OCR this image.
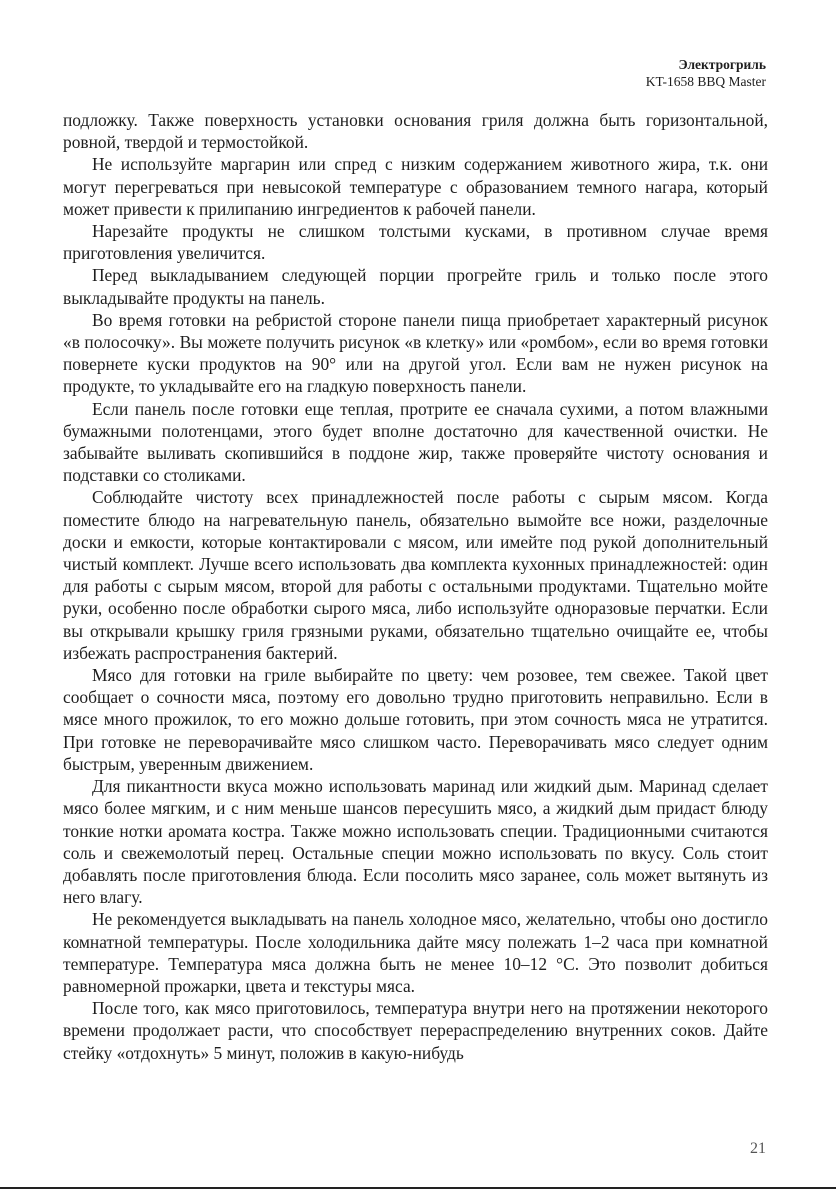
Электрогриль
KT-1658 BBQ Master

подложку. Также поверхность установки основания гриля должна быть горизонтальной, ровной, твердой и термостойкой.

Не используйте маргарин или спред с низким содержанием животного жира, т.к. они могут перегреваться при невысокой температуре с образованием темного нагара, который может привести к прилипанию ингредиентов к рабочей панели.

Нарезайте продукты не слишком толстыми кусками, в противном случае время приготовления увеличится.

Перед выкладыванием следующей порции прогрейте гриль и только после этого выкладывайте продукты на панель.

Во время готовки на ребристой стороне панели пища приобретает характерный рисунок «в полосочку». Вы можете получить рисунок «в клетку» или «ромбом», если во время готовки повернете куски продуктов на 90° или на другой угол. Если вам не нужен рисунок на продукте, то укладывайте его на гладкую поверхность панели.

Если панель после готовки еще теплая, протрите ее сначала сухими, а потом влажными бумажными полотенцами, этого будет вполне достаточно для качественной очистки. Не забывайте выливать скопившийся в поддоне жир, также проверяйте чистоту основания и подставки со столиками.

Соблюдайте чистоту всех принадлежностей после работы с сырым мясом. Когда поместите блюдо на нагревательную панель, обязательно вымойте все ножи, разделочные доски и емкости, которые контактировали с мясом, или имейте под рукой дополнительный чистый комплект. Лучше всего использовать два комплекта кухонных принадлежностей: один для работы с сырым мясом, второй для работы с остальными продуктами. Тщательно мойте руки, особенно после обработки сырого мяса, либо используйте одноразовые перчатки. Если вы открывали крышку гриля грязными руками, обязательно тщательно очищайте ее, чтобы избежать распространения бактерий.

Мясо для готовки на гриле выбирайте по цвету: чем розовее, тем свежее. Такой цвет сообщает о сочности мяса, поэтому его довольно трудно приготовить неправильно. Если в мясе много прожилок, то его можно дольше готовить, при этом сочность мяса не утратится. При готовке не переворачивайте мясо слишком часто. Переворачивать мясо следует одним быстрым, уверенным движением.

Для пикантности вкуса можно использовать маринад или жидкий дым. Маринад сделает мясо более мягким, и с ним меньше шансов пересушить мясо, а жидкий дым придаст блюду тонкие нотки аромата костра. Также можно использовать специи. Традиционными считаются соль и свежемолотый перец. Остальные специи можно использовать по вкусу. Соль стоит добавлять после приготовления блюда. Если посолить мясо заранее, соль может вытянуть из него влагу.

Не рекомендуется выкладывать на панель холодное мясо, желательно, чтобы оно достигло комнатной температуры. После холодильника дайте мясу полежать 1–2 часа при комнатной температуре. Температура мяса должна быть не менее 10–12 °C. Это позволит добиться равномерной прожарки, цвета и текстуры мяса.

После того, как мясо приготовилось, температура внутри него на протяжении некоторого времени продолжает расти, что способствует перераспределению внутренних соков. Дайте стейку «отдохнуть» 5 минут, положив в какую-нибудь

21
